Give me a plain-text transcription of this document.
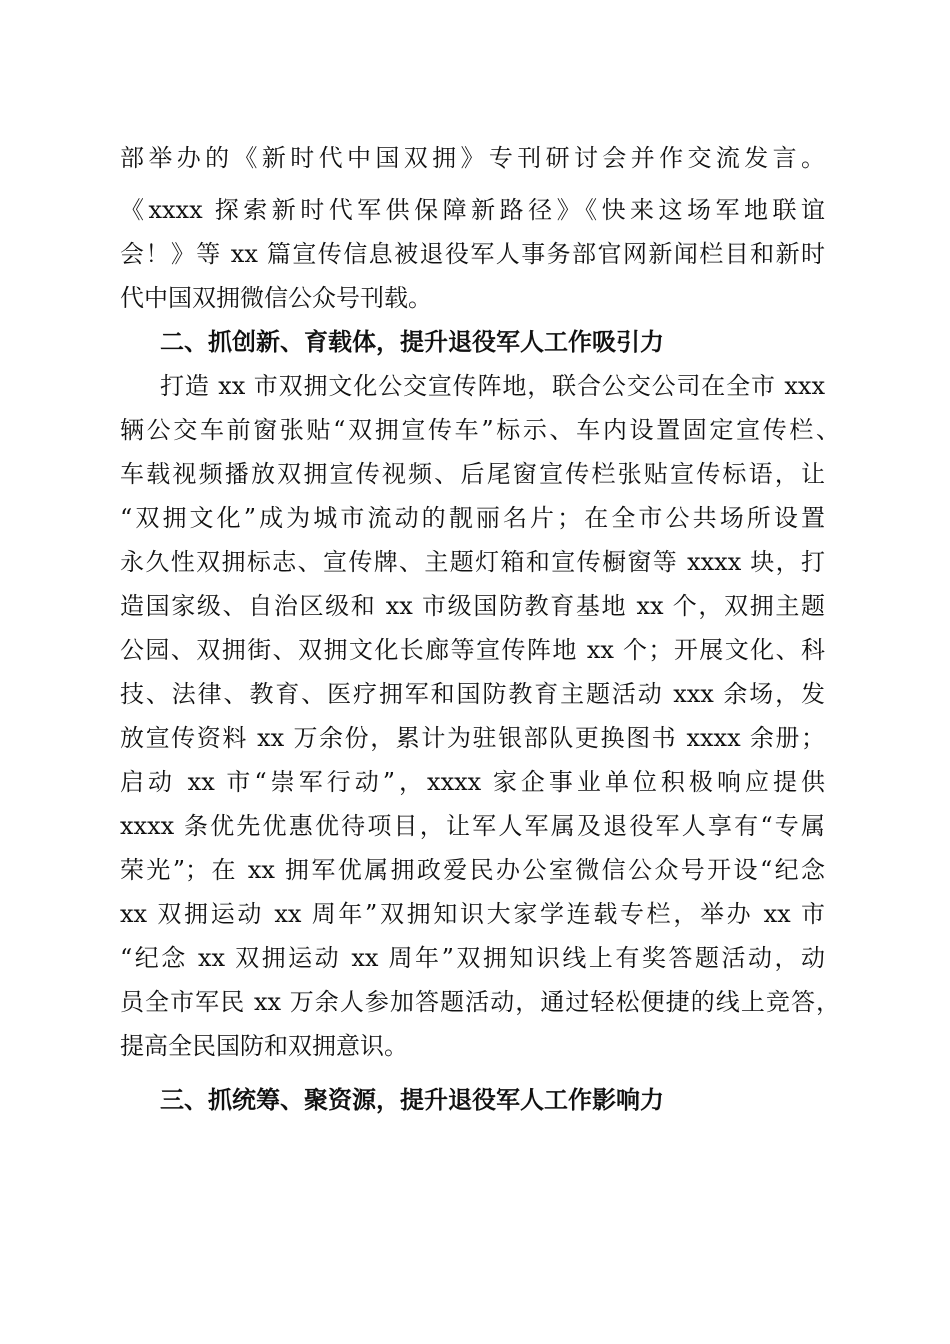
部举办的《新时代中国双拥》专刊研讨会并作交流发言。
《xxxx 探索新时代军供保障新路径》《快来这场军地联谊
会！》等 xx 篇宣传信息被退役军人事务部官网新闻栏目和新时
代中国双拥微信公众号刊载。
二、抓创新、育载体，提升退役军人工作吸引力
打造 xx 市双拥文化公交宣传阵地，联合公交公司在全市 xxx
辆公交车前窗张贴“双拥宣传车”标示、车内设置固定宣传栏、
车载视频播放双拥宣传视频、后尾窗宣传栏张贴宣传标语，让
“双拥文化”成为城市流动的靓丽名片；在全市公共场所设置
永久性双拥标志、宣传牌、主题灯箱和宣传橱窗等 xxxx 块，打
造国家级、自治区级和 xx 市级国防教育基地 xx 个，双拥主题
公园、双拥街、双拥文化长廊等宣传阵地 xx 个；开展文化、科
技、法律、教育、医疗拥军和国防教育主题活动 xxx 余场，发
放宣传资料 xx 万余份，累计为驻银部队更换图书 xxxx 余册；
启动 xx 市“崇军行动”，xxxx 家企事业单位积极响应提供
xxxx 条优先优惠优待项目，让军人军属及退役军人享有“专属
荣光”；在 xx 拥军优属拥政爱民办公室微信公众号开设“纪念
xx 双拥运动 xx 周年”双拥知识大家学连载专栏，举办 xx 市
“纪念 xx 双拥运动 xx 周年”双拥知识线上有奖答题活动，动
员全市军民 xx 万余人参加答题活动，通过轻松便捷的线上竞答，
提高全民国防和双拥意识。
三、抓统筹、聚资源，提升退役军人工作影响力
